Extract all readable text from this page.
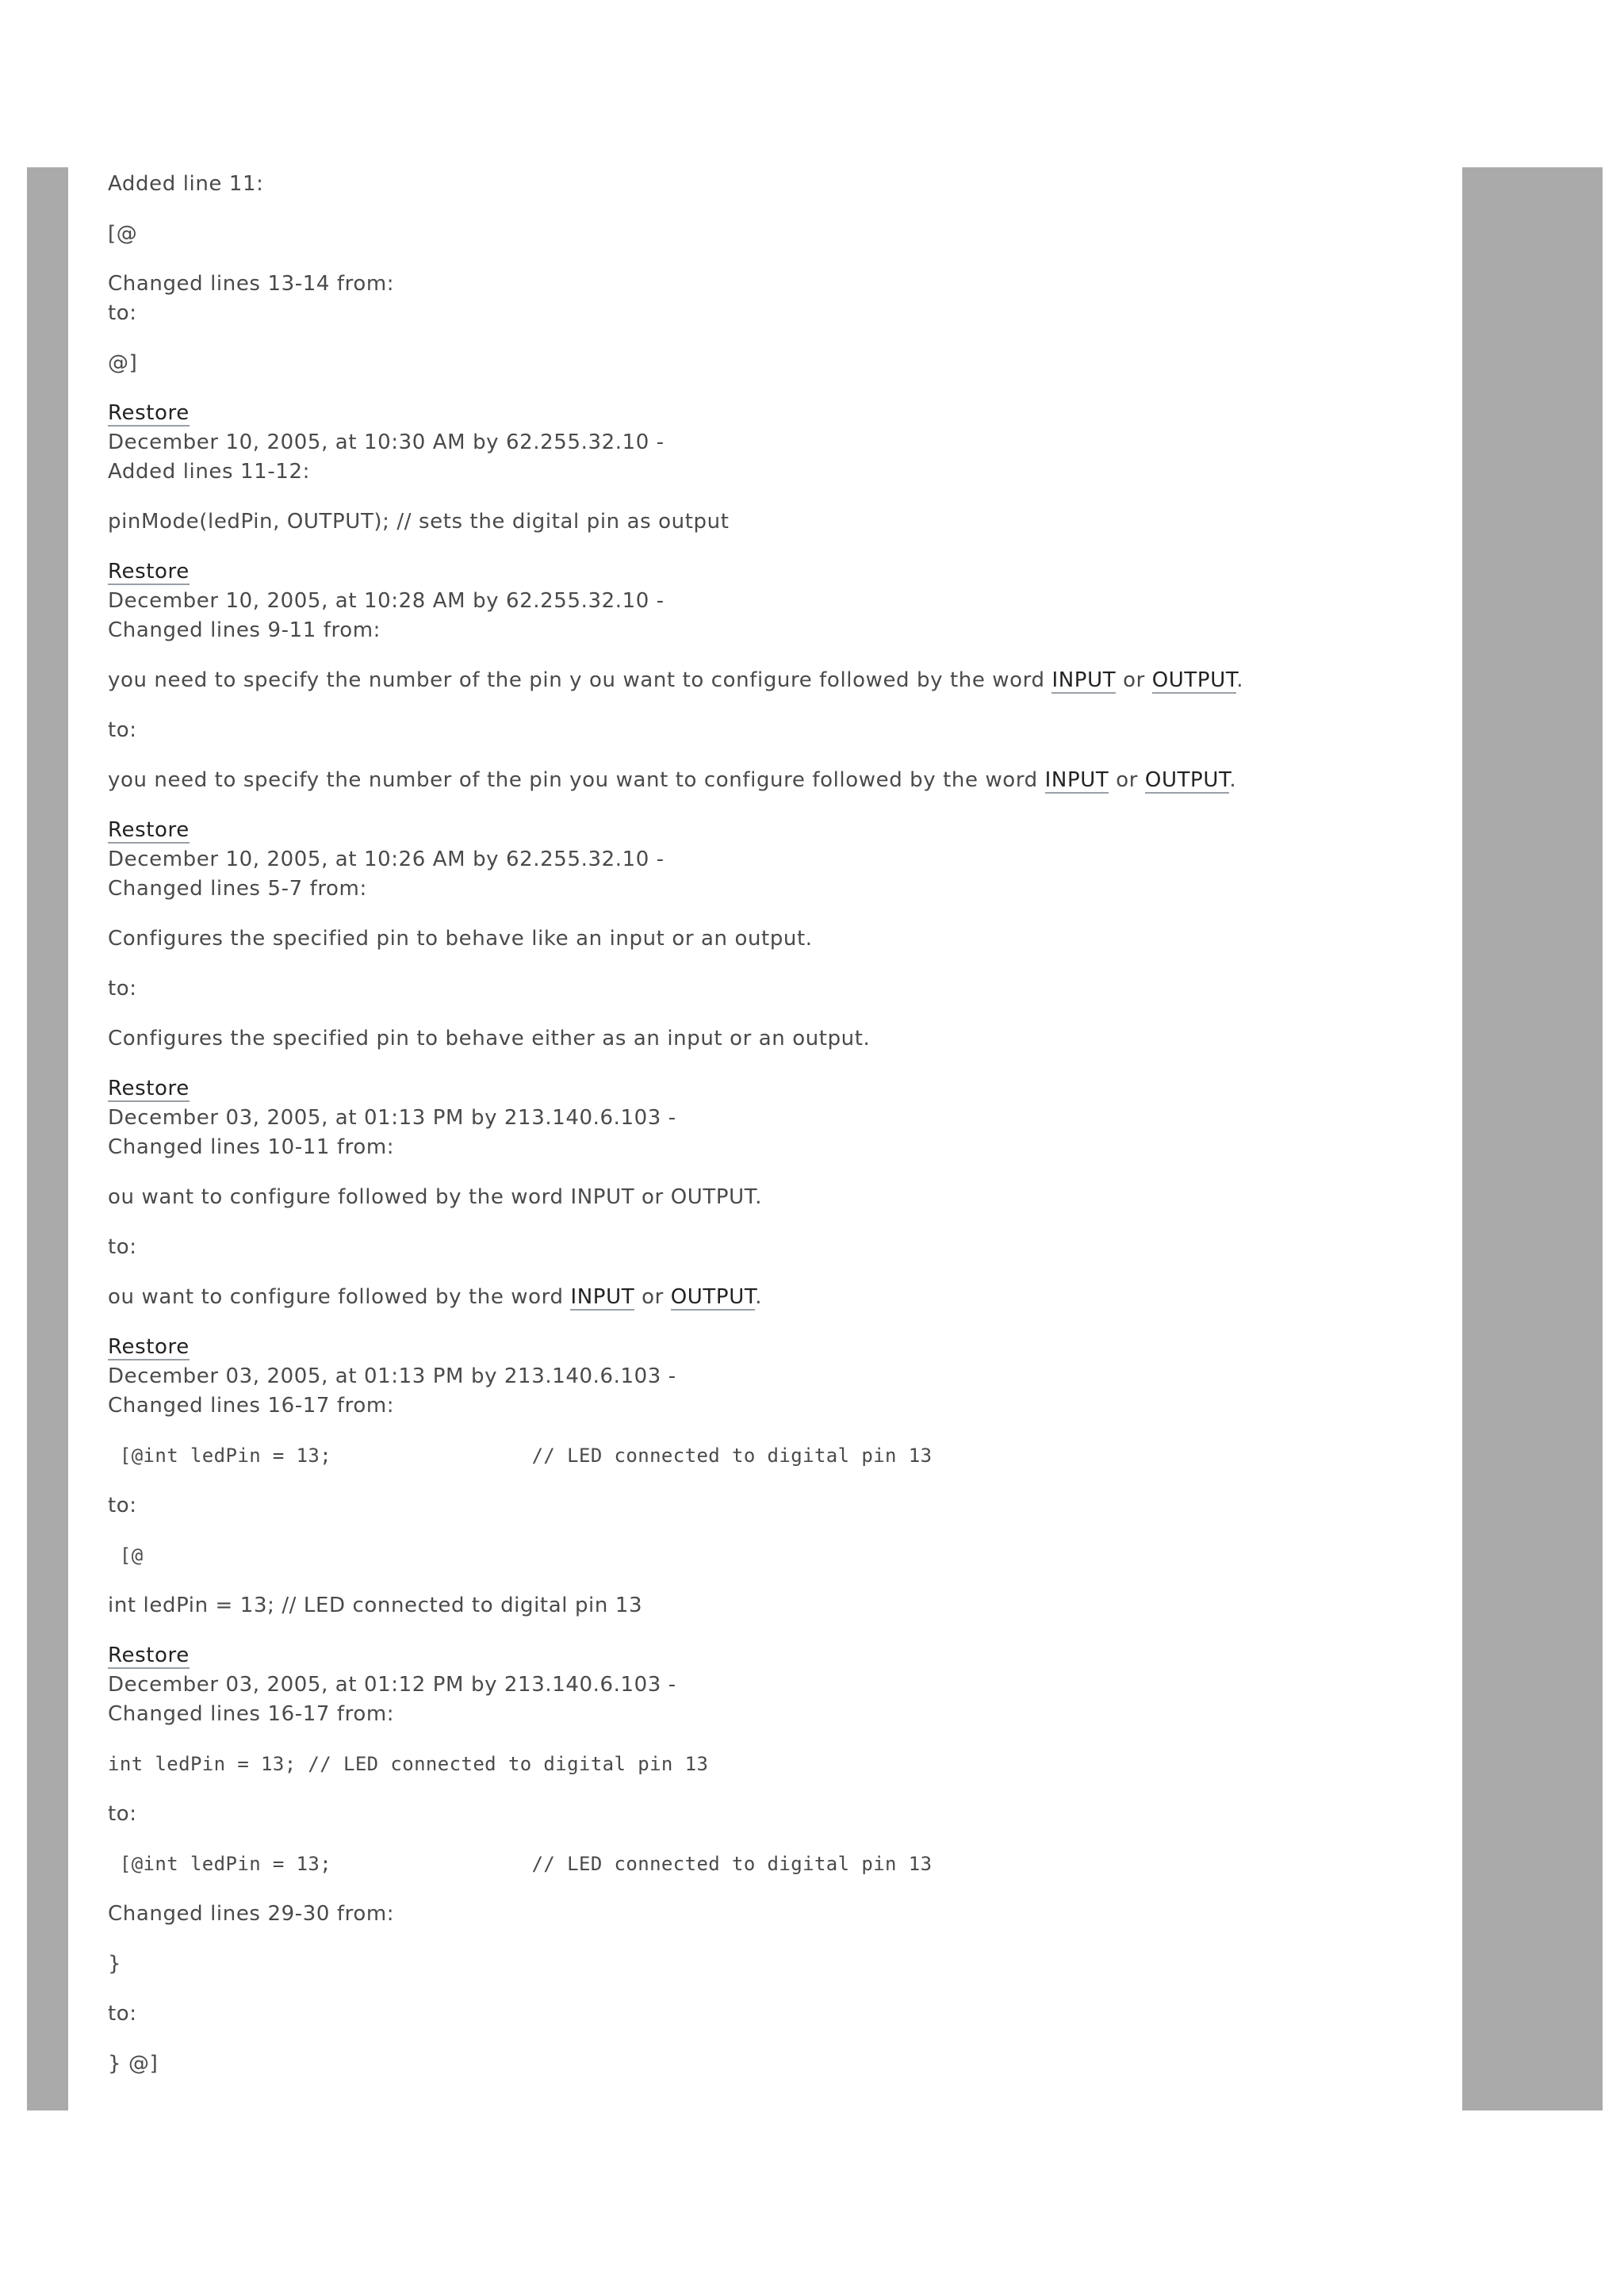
Added line 11:

[@

Changed lines 13-14 from:
to:

@]

Restore
December 10, 2005, at 10:30 AM by 62.255.32.10 -
Added lines 11-12:

pinMode(ledPin, OUTPUT); // sets the digital pin as output

Restore
December 10, 2005, at 10:28 AM by 62.255.32.10 -
Changed lines 9-11 from:

you need to specify the number of the pin y ou want to configure followed by the word INPUT or OUTPUT.

to:

you need to specify the number of the pin you want to configure followed by the word INPUT or OUTPUT.

Restore
December 10, 2005, at 10:26 AM by 62.255.32.10 -
Changed lines 5-7 from:

Configures the specified pin to behave like an input or an output.

to:

Configures the specified pin to behave either as an input or an output.

Restore
December 03, 2005, at 01:13 PM by 213.140.6.103 -
Changed lines 10-11 from:

ou want to configure followed by the word INPUT or OUTPUT.

to:

ou want to configure followed by the word INPUT or OUTPUT.

Restore
December 03, 2005, at 01:13 PM by 213.140.6.103 -
Changed lines 16-17 from:

[@int ledPin = 13;                 // LED connected to digital pin 13

to:

[@

int ledPin = 13; // LED connected to digital pin 13

Restore
December 03, 2005, at 01:12 PM by 213.140.6.103 -
Changed lines 16-17 from:

int ledPin = 13; // LED connected to digital pin 13

to:

[@int ledPin = 13;                 // LED connected to digital pin 13

Changed lines 29-30 from:

}

to:

} @]
